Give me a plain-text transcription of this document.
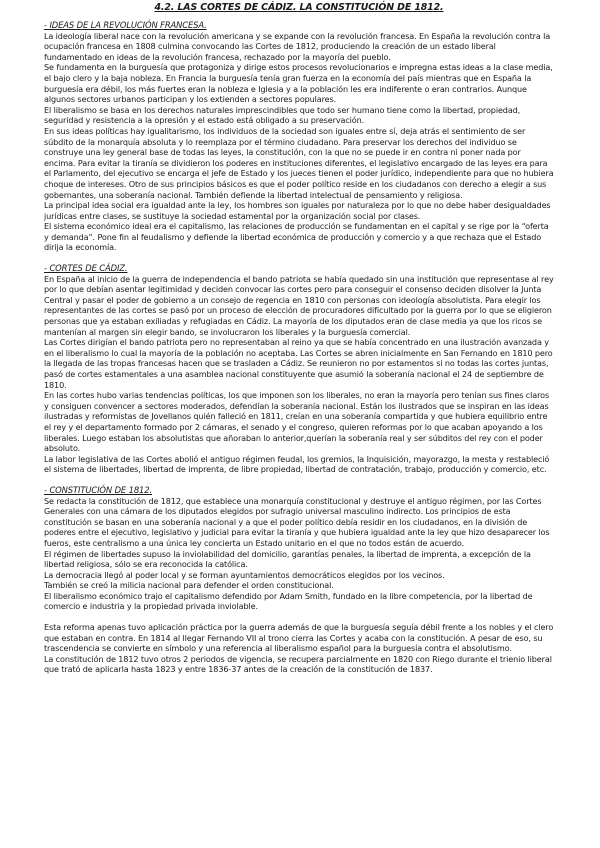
4.2. LAS CORTES DE CÁDIZ. LA CONSTITUCIÓN DE 1812.

- IDEAS DE LA REVOLUCIÓN FRANCESA.

La ideología liberal nace con la revolución americana y se expande con la revolución francesa. En España la revolución contra la ocupación francesa en 1808 culmina convocando las Cortes de 1812, produciendo la creación de un estado liberal fundamentado en ideas de la revolución francesa, rechazado por la mayoría del pueblo.

Se fundamenta en la burguesía que protagoniza y dirige estos procesos revolucionarios e impregna estas ideas a la clase media, el bajo clero y la baja nobleza. En Francia la burguesía tenía gran fuerza en la economía del país mientras que en España la burguesía era débil, los más fuertes eran la nobleza e Iglesia y a la población les era indiferente o eran contrarios. Aunque algunos sectores urbanos participan y los extienden a sectores populares.

El liberalismo se basa en los derechos naturales imprescindibles que todo ser humano tiene como la libertad, propiedad, seguridad y resistencia a la opresión y el estado está obligado a su preservación.

En sus ideas políticas hay igualitarismo, los individuos de la sociedad son iguales entre sí, deja atrás el sentimiento de ser súbdito de la monarquía absoluta y lo reemplaza por el término ciudadano. Para preservar los derechos del individuo se construye una ley general base de todas las leyes, la constitución, con la que no se puede ir en contra ni poner nada por encima. Para evitar la tiranía se dividieron los poderes en instituciones diferentes, el legislativo encargado de las leyes era para el Parlamento, del ejecutivo se encarga el jefe de Estado y los jueces tienen el poder jurídico, independiente para que no hubiera choque de intereses. Otro de sus principios básicos es que el poder político reside en los ciudadanos con derecho a elegir a sus gobernantes, una soberanía nacional. También defiende la libertad intelectual de pensamiento y religiosa.

La principal idea social era igualdad ante la ley, los hombres son iguales por naturaleza por lo que no debe haber desigualdades jurídicas entre clases, se sustituye la sociedad estamental por la organización social por clases.

El sistema económico ideal era el capitalismo, las relaciones de producción se fundamentan en el capital y se rige por la “oferta y demanda”. Pone fin al feudalismo y defiende la libertad económica de producción y comercio y a que rechaza que el Estado dirija la economía.

- CORTES DE CÁDIZ.

En España al inicio de la guerra de independencia el bando patriota se había quedado sin una institución que representase al rey por lo que debían asentar legitimidad y deciden convocar las cortes pero para conseguir el consenso deciden disolver la Junta Central y pasar el poder de gobierno a un consejo de regencia en 1810 con personas con ideología absolutista. Para elegir los representantes de las cortes se pasó por un proceso de elección de procuradores dificultado por la guerra por lo que se eligieron personas que ya estaban exiliadas y refugiadas en Cádiz. La mayoría de los diputados eran de clase media ya que los ricos se mantenían al margen sin elegir bando, se involucraron los liberales y la burguesía comercial.

Las Cortes dirigían el bando patriota pero no representaban al reino ya que se había concentrado en una ilustración avanzada y en el liberalismo lo cual la mayoría de la población no aceptaba. Las Cortes se abren inicialmente en San Fernando en 1810 pero la llegada de las tropas francesas hacen que se trasladen a Cádiz. Se reunieron no por estamentos si no todas las cortes juntas, pasó de cortes estamentales a una asamblea nacional constituyente que asumió la soberanía nacional el 24 de septiembre de 1810.

En las cortes hubo varias tendencias políticas, los que imponen son los liberales, no eran la mayoría pero tenían sus fines claros y consiguen convencer a sectores moderados, defendían la soberanía nacional. Están los ilustrados que se inspiran en las ideas ilustradas y reformistas de Jovellanos quién falleció en 1811, creían en una soberanía compartida y que hubiera equilibrio entre el rey y el departamento formado por 2 cámaras, el senado y el congreso, quieren reformas por lo que acaban apoyando a los liberales. Luego estaban los absolutistas que añoraban lo anterior,querían la soberanía real y ser súbditos del rey con el poder absoluto.

La labor legislativa de las Cortes abolió el antiguo régimen feudal, los gremios, la Inquisición, mayorazgo, la mesta y restableció el sistema de libertades, libertad de imprenta, de libre propiedad, libertad de contratación, trabajo, producción y comercio, etc.

- CONSTITUCIÓN DE 1812.

Se redacta la constitución de 1812, que establece una monarquía constitucional y destruye el antiguo régimen, por las Cortes Generales con una cámara de los diputados elegidos por sufragio universal masculino indirecto. Los principios de esta constitución se basan en una soberanía nacional y a que el poder político debía residir en los ciudadanos, en la división de poderes entre el ejecutivo, legislativo y judicial para evitar la tiranía y que hubiera igualdad ante la ley que hizo desaparecer los fueros, este centralismo a una única ley concierta un Estado unitario en el que no todos están de acuerdo.

El régimen de libertades supuso la inviolabilidad del domicilio, garantías penales, la libertad de imprenta, a excepción de la libertad religiosa, sólo se era reconocida la católica.

La democracia llegó al poder local y se forman ayuntamientos democráticos elegidos por los vecinos.

También se creó la milicia nacional para defender el orden constitucional.

El liberalismo económico trajo el capitalismo defendido por Adam Smith, fundado en la libre competencia, por la libertad de comercio e industria y la propiedad privada inviolable.

Esta reforma apenas tuvo aplicación práctica por la guerra además de que la burguesía seguía débil frente a los nobles y el clero que estaban en contra. En 1814 al llegar Fernando VII al trono cierra las Cortes y acaba con la constitución. A pesar de eso, su trascendencia se convierte en símbolo y una referencia al liberalismo español para la burguesía contra el absolutismo.

La constitución de 1812 tuvo otros 2 periodos de vigencia, se recupera parcialmente en 1820 con Riego durante el trienio liberal que trató de aplicarla hasta 1823 y entre 1836-37 antes de la creación de la constitución de 1837.
